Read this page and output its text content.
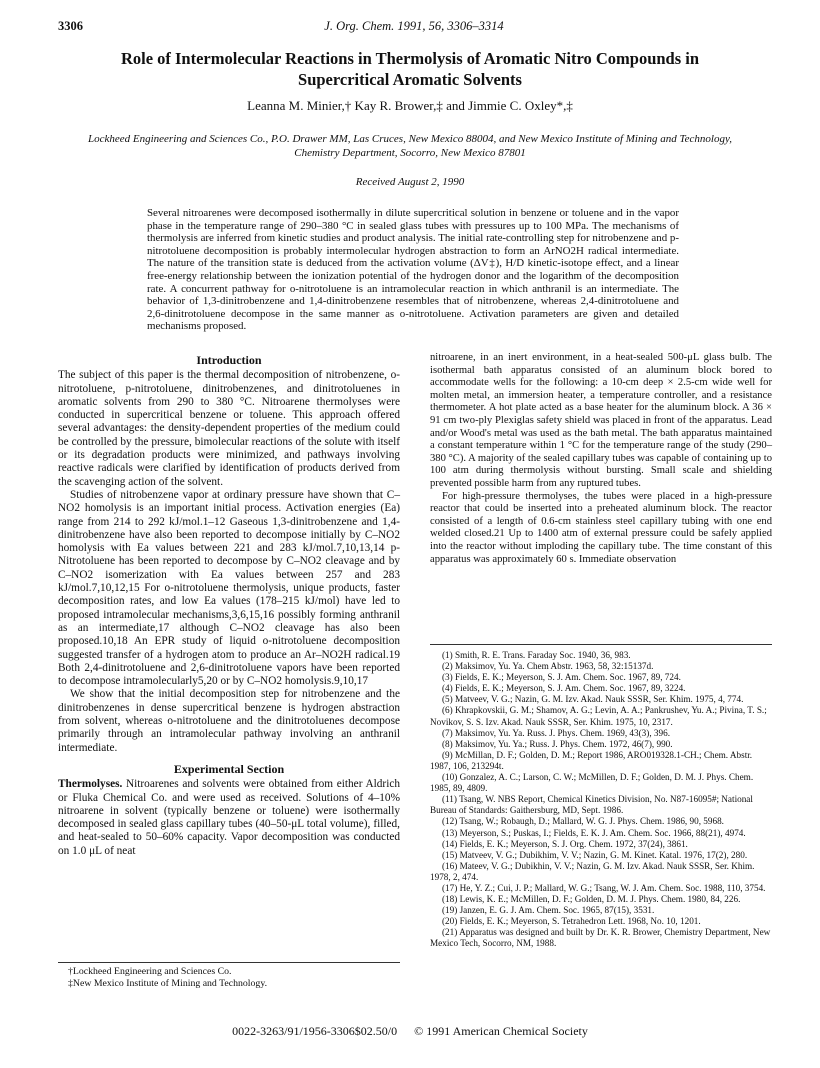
3306	J. Org. Chem. 1991, 56, 3306–3314
Role of Intermolecular Reactions in Thermolysis of Aromatic Nitro Compounds in Supercritical Aromatic Solvents
Leanna M. Minier,† Kay R. Brower,‡ and Jimmie C. Oxley*,‡
Lockheed Engineering and Sciences Co., P.O. Drawer MM, Las Cruces, New Mexico 88004, and New Mexico Institute of Mining and Technology, Chemistry Department, Socorro, New Mexico 87801
Received August 2, 1990

Several nitroarenes were decomposed isothermally in dilute supercritical solution in benzene or toluene and in the vapor phase in the temperature range of 290–380 °C in sealed glass tubes with pressures up to 100 MPa. The mechanisms of thermolysis are inferred from kinetic studies and product analysis. The initial rate-controlling step for nitrobenzene and p-nitrotoluene decomposition is probably intermolecular hydrogen abstraction to form an ArNO2H radical intermediate. The nature of the transition state is deduced from the activation volume (ΔV‡), H/D kinetic-isotope effect, and a linear free-energy relationship between the ionization potential of the hydrogen donor and the logarithm of the decomposition rate. A concurrent pathway for o-nitrotoluene is an intramolecular reaction in which anthranil is an intermediate. The behavior of 1,3-dinitrobenzene and 1,4-dinitrobenzene resembles that of nitrobenzene, whereas 2,4-dinitrotoluene and 2,6-dinitrotoluene decompose in the same manner as o-nitrotoluene. Activation parameters are given and detailed mechanisms proposed.

Introduction

The subject of this paper is the thermal decomposition of nitrobenzene, o-nitrotoluene, p-nitrotoluene, dinitrobenzenes, and dinitrotoluenes in aromatic solvents from 290 to 380 °C. Nitroarene thermolyses were conducted in supercritical benzene or toluene. This approach offered several advantages: the density-dependent properties of the medium could be controlled by the pressure, bimolecular reactions of the solute with itself or its degradation products were minimized, and pathways involving reactive radicals were clarified by identification of products derived from the scavenging action of the solvent.

Studies of nitrobenzene vapor at ordinary pressure have shown that C–NO2 homolysis is an important initial process. Activation energies (Ea) range from 214 to 292 kJ/mol.1–12 Gaseous 1,3-dinitrobenzene and 1,4-dinitrobenzene have also been reported to decompose initially by C–NO2 homolysis with Ea values between 221 and 283 kJ/mol.7,10,13,14 p-Nitrotoluene has been reported to decompose by C–NO2 cleavage and by C–NO2 isomerization with Ea values between 257 and 283 kJ/mol.7,10,12,15 For o-nitrotoluene thermolysis, unique products, faster decomposition rates, and low Ea values (178–215 kJ/mol) have led to proposed intramolecular mechanisms,3,6,15,16 possibly forming anthranil as an intermediate,17 although C–NO2 cleavage has also been proposed.10,18 An EPR study of liquid o-nitrotoluene decomposition suggested transfer of a hydrogen atom to produce an Ar–NO2H radical.19 Both 2,4-dinitrotoluene and 2,6-dinitrotoluene vapors have been reported to decompose intramolecularly5,20 or by C–NO2 homolysis.9,10,17

We show that the initial decomposition step for nitrobenzene and the dinitrobenzenes in dense supercritical benzene is hydrogen abstraction from solvent, whereas o-nitrotoluene and the dinitrotoluenes decompose primarily through an intramolecular pathway involving an anthranil intermediate.

Experimental Section

Thermolyses. Nitroarenes and solvents were obtained from either Aldrich or Fluka Chemical Co. and were used as received. Solutions of 4–10% nitroarene in solvent (typically benzene or toluene) were isothermally decomposed in sealed glass capillary tubes (40–50-μL total volume), filled, and heat-sealed to 50–60% capacity. Vapor decomposition was conducted on 1.0 μL of neat

nitroarene, in an inert environment, in a heat-sealed 500-μL glass bulb. The isothermal bath apparatus consisted of an aluminum block bored to accommodate wells for the following: a 10-cm deep × 2.5-cm wide well for molten metal, an immersion heater, a temperature controller, and a resistance thermometer. A hot plate acted as a base heater for the aluminum block. A 36 × 91 cm two-ply Plexiglas safety shield was placed in front of the apparatus. Lead and/or Wood's metal was used as the bath metal. The bath apparatus maintained a constant temperature within 1 °C for the temperature range of the study (290–380 °C). A majority of the sealed capillary tubes was capable of containing up to 100 atm during thermolysis without bursting. Small scale and shielding prevented possible harm from any ruptured tubes.

For high-pressure thermolyses, the tubes were placed in a high-pressure reactor that could be inserted into a preheated aluminum block. The reactor consisted of a length of 0.6-cm stainless steel capillary tubing with one end welded closed.21 Up to 1400 atm of external pressure could be safely applied into the reactor without imploding the capillary tube. The time constant of this apparatus was approximately 60 s. Immediate observation

(1) Smith, R. E. Trans. Faraday Soc. 1940, 36, 983.
(2) Maksimov, Yu. Ya. Chem Abstr. 1963, 58, 32:15137d.
(3) Fields, E. K.; Meyerson, S. J. Am. Chem. Soc. 1967, 89, 724.
(4) Fields, E. K.; Meyerson, S. J. Am. Chem. Soc. 1967, 89, 3224.
(5) Matveev, V. G.; Nazin, G. M. Izv. Akad. Nauk SSSR, Ser. Khim. 1975, 4, 774.
(6) Khrapkovskii, G. M.; Shamov, A. G.; Levin, A. A.; Pankrushev, Yu. A.; Pivina, T. S.; Novikov, S. S. Izv. Akad. Nauk SSSR, Ser. Khim. 1975, 10, 2317.
(7) Maksimov, Yu. Ya. Russ. J. Phys. Chem. 1969, 43(3), 396.
(8) Maksimov, Yu. Ya.; Russ. J. Phys. Chem. 1972, 46(7), 990.
(9) McMillan, D. F.; Golden, D. M.; Report 1986, ARO019328.1-CH.; Chem. Abstr. 1987, 106, 213294t.
(10) Gonzalez, A. C.; Larson, C. W.; McMillen, D. F.; Golden, D. M. J. Phys. Chem. 1985, 89, 4809.
(11) Tsang, W. NBS Report, Chemical Kinetics Division, No. N87-16095#; National Bureau of Standards: Gaithersburg, MD, Sept. 1986.
(12) Tsang, W.; Robaugh, D.; Mallard, W. G. J. Phys. Chem. 1986, 90, 5968.
(13) Meyerson, S.; Puskas, I.; Fields, E. K. J. Am. Chem. Soc. 1966, 88(21), 4974.
(14) Fields, E. K.; Meyerson, S. J. Org. Chem. 1972, 37(24), 3861.
(15) Matveev, V. G.; Dubikhim, V. V.; Nazin, G. M. Kinet. Katal. 1976, 17(2), 280.
(16) Mateev, V. G.; Dubikhin, V. V.; Nazin, G. M. Izv. Akad. Nauk SSSR, Ser. Khim. 1978, 2, 474.
(17) He, Y. Z.; Cui, J. P.; Mallard, W. G.; Tsang, W. J. Am. Chem. Soc. 1988, 110, 3754.
(18) Lewis, K. E.; McMillen, D. F.; Golden, D. M. J. Phys. Chem. 1980, 84, 226.
(19) Janzen, E. G. J. Am. Chem. Soc. 1965, 87(15), 3531.
(20) Fields, E. K.; Meyerson, S. Tetrahedron Lett. 1968, No. 10, 1201.
(21) Apparatus was designed and built by Dr. K. R. Brower, Chemistry Department, New Mexico Tech, Socorro, NM, 1988.
†Lockheed Engineering and Sciences Co.
‡New Mexico Institute of Mining and Technology.
0022-3263/91/1956-3306$02.50/0 © 1991 American Chemical Society
